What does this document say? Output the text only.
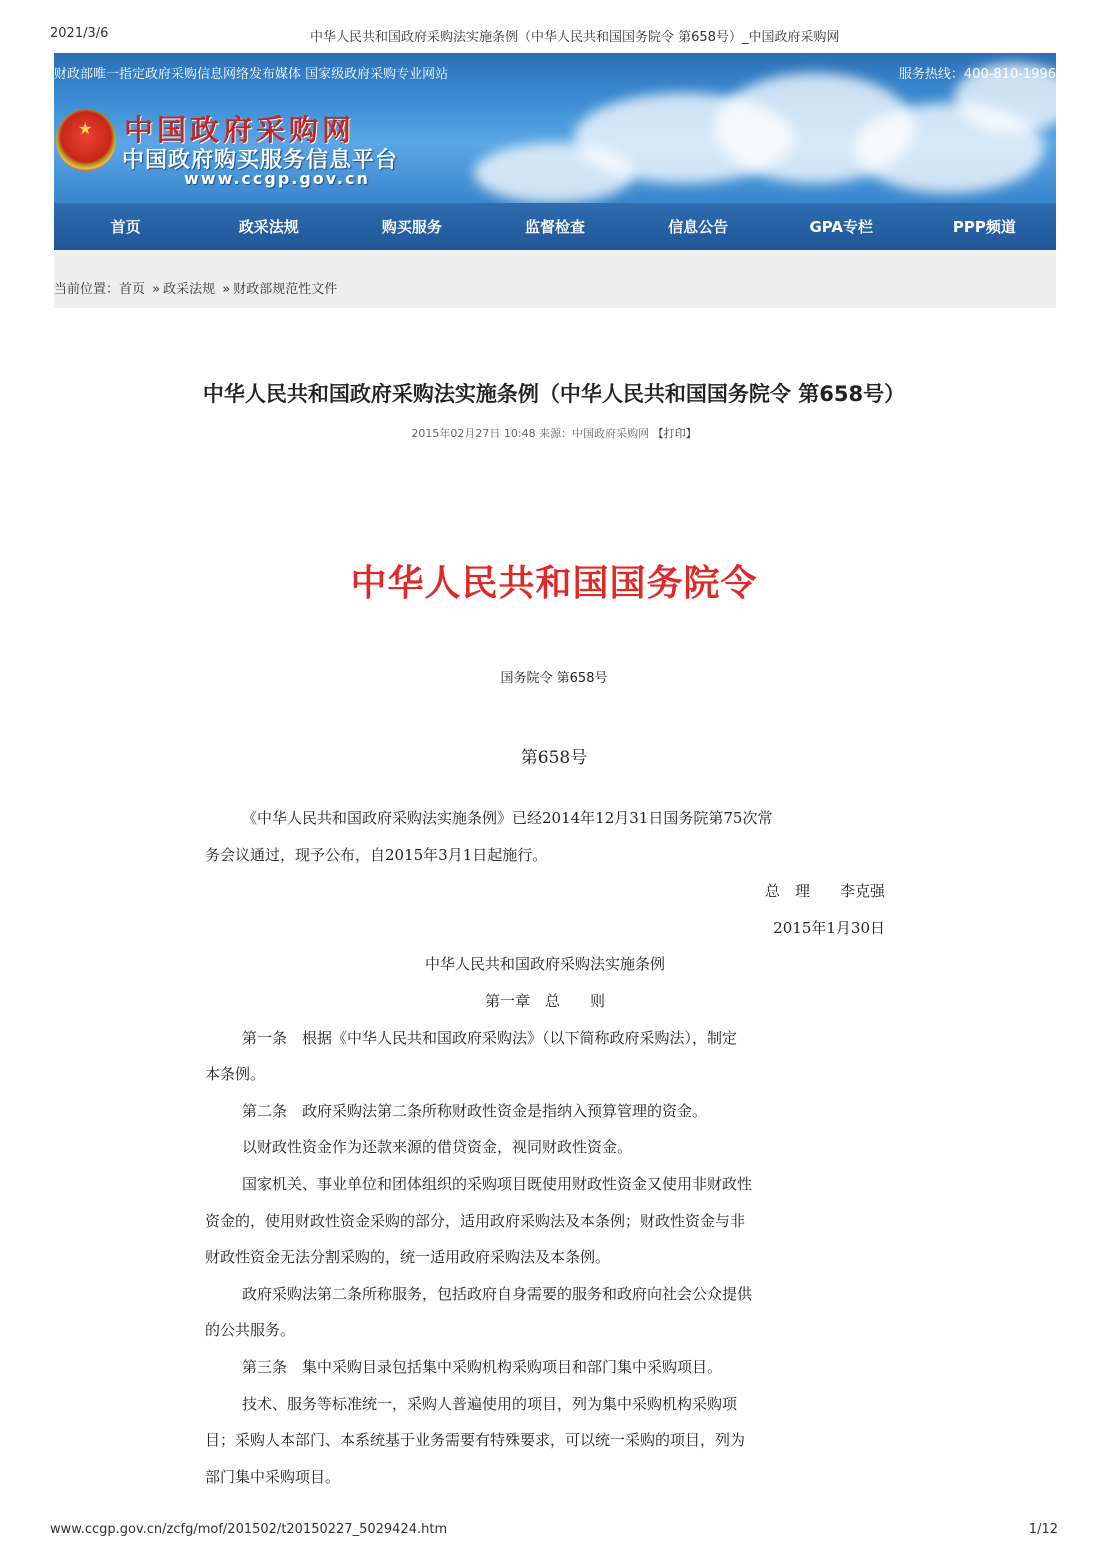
2021/3/6	中华人民共和国政府采购法实施条例（中华人民共和国国务院令 第658号）_中国政府采购网
财政部唯一指定政府采购信息网络发布媒体 国家级政府采购专业网站	服务热线：400-810-1996
★ 中国政府采购网
中国政府购买服务信息平台
www.ccgp.gov.cn
首页	政采法规	购买服务	监督检查	信息公告	GPA专栏	PPP频道
当前位置：首页 » 政采法规 » 财政部规范性文件
中华人民共和国政府采购法实施条例（中华人民共和国国务院令 第658号）
2015年02月27日 10:48 来源：中国政府采购网 【打印】
中华人民共和国国务院令
国务院令 第658号
第658号
《中华人民共和国政府采购法实施条例》已经2014年12月31日国务院第75次常
务会议通过，现予公布，自2015年3月1日起施行。
总　理　　李克强
2015年1月30日
中华人民共和国政府采购法实施条例
第一章　总　　则
第一条　根据《中华人民共和国政府采购法》（以下简称政府采购法），制定
本条例。
第二条　政府采购法第二条所称财政性资金是指纳入预算管理的资金。
以财政性资金作为还款来源的借贷资金，视同财政性资金。
国家机关、事业单位和团体组织的采购项目既使用财政性资金又使用非财政性
资金的，使用财政性资金采购的部分，适用政府采购法及本条例；财政性资金与非
财政性资金无法分割采购的，统一适用政府采购法及本条例。
政府采购法第二条所称服务，包括政府自身需要的服务和政府向社会公众提供
的公共服务。
第三条　集中采购目录包括集中采购机构采购项目和部门集中采购项目。
技术、服务等标准统一，采购人普遍使用的项目，列为集中采购机构采购项
目；采购人本部门、本系统基于业务需要有特殊要求，可以统一采购的项目，列为
部门集中采购项目。
www.ccgp.gov.cn/zcfg/mof/201502/t20150227_5029424.htm	1/12
